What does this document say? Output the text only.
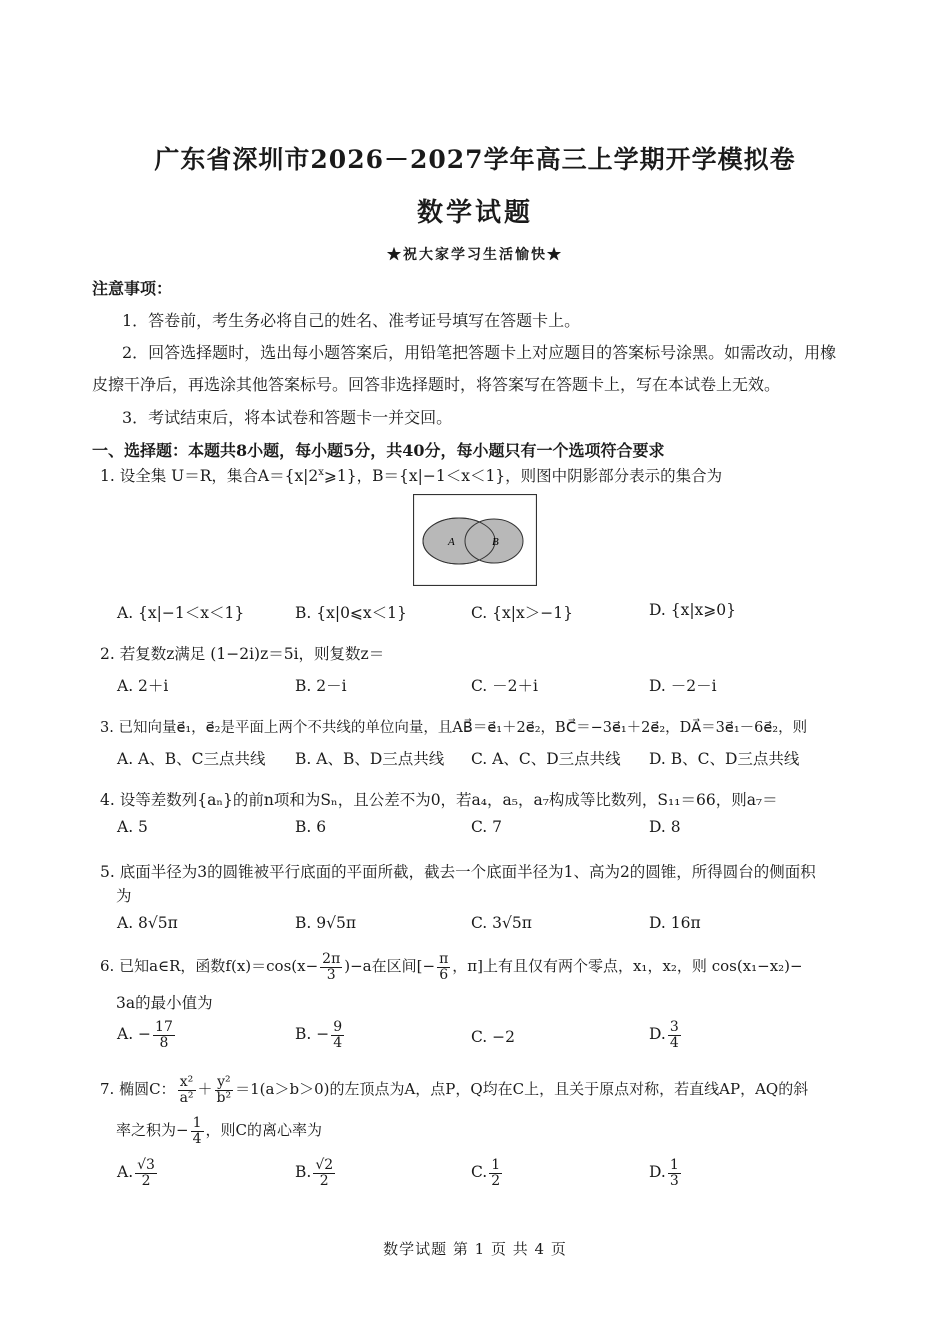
广东省深圳市2026－2027学年高三上学期开学模拟卷
数学试题
★祝大家学习生活愉快★
注意事项：
1．答卷前，考生务必将自己的姓名、准考证号填写在答题卡上。
2．回答选择题时，选出每小题答案后，用铅笔把答题卡上对应题目的答案标号涂黑。如需改动，用橡
皮擦干净后，再选涂其他答案标号。回答非选择题时，将答案写在答题卡上，写在本试卷上无效。
3．考试结束后，将本试卷和答题卡一并交回。
一、选择题：本题共8小题，每小题5分，共40分，每小题只有一个选项符合要求
1. 设全集 U＝R，集合$A=\{x|2^x⩾1\}$，B＝{x|−1＜x＜1}，则图中阴影部分表示的集合为
A	B
A. {x|−1＜x＜1}	B. {x|0⩽x＜1}	C. {x|x＞−1}	D. {x|x⩾0}
2. 若复数z满足 (1−2i)z＝5i，则复数z＝
A. 2＋i	B. 2－i	C. －2＋i	D. －2－i
3. 已知向量e⃗₁，e⃗₂是平面上两个不共线的单位向量，且AB⃗＝e⃗₁＋2e⃗₂，BC⃗＝−3e⃗₁＋2e⃗₂，DA⃗＝3e⃗₁－6e⃗₂，则
A. A、B、C三点共线 B. A、B、D三点共线 C. A、C、D三点共线 D. B、C、D三点共线
4. 设等差数列{aₙ}的前n项和为Sₙ，且公差不为0，若a₄，a₅，a₇构成等比数列，S₁₁＝66，则a₇＝
A. 5	B. 6	C. 7	D. 8
5. 底面半径为3的圆锥被平行底面的平面所截，截去一个底面半径为1、高为2的圆锥，所得圆台的侧面积
为
A. 8√5π	B. 9√5π	C. 3√5π	D. 16π
6. 已知a∈R，函数$f(x)=\cos(x- \frac{2\pi}{3} )-a$在区间[− $\frac{\pi}{6}$ ，π]上有且仅有两个零点，x₁，x₂，则 cos(x₁−x₂)−
3a的最小值为
A. − $\frac{17}{8}$	B. − $\frac{9}{4}$	C. −2	D. $\frac{3}{4}$
7. 椭圆C： $\frac{\text{x²}}{\text{a²}} + \frac{\text{y²}}{\text{b²}} =1(a>b>0)$的左顶点为A，点P，Q均在C上，且关于原点对称，若直线AP，AQ的斜
率之积为− $\frac{1}{4}$ ，则C的离心率为
A. $\frac{√3}{2}$	B. $\frac{√2}{2}$	C. $\frac{1}{2}$	D. $\frac{1}{3}$
数学试题 第 1 页 共 4 页
